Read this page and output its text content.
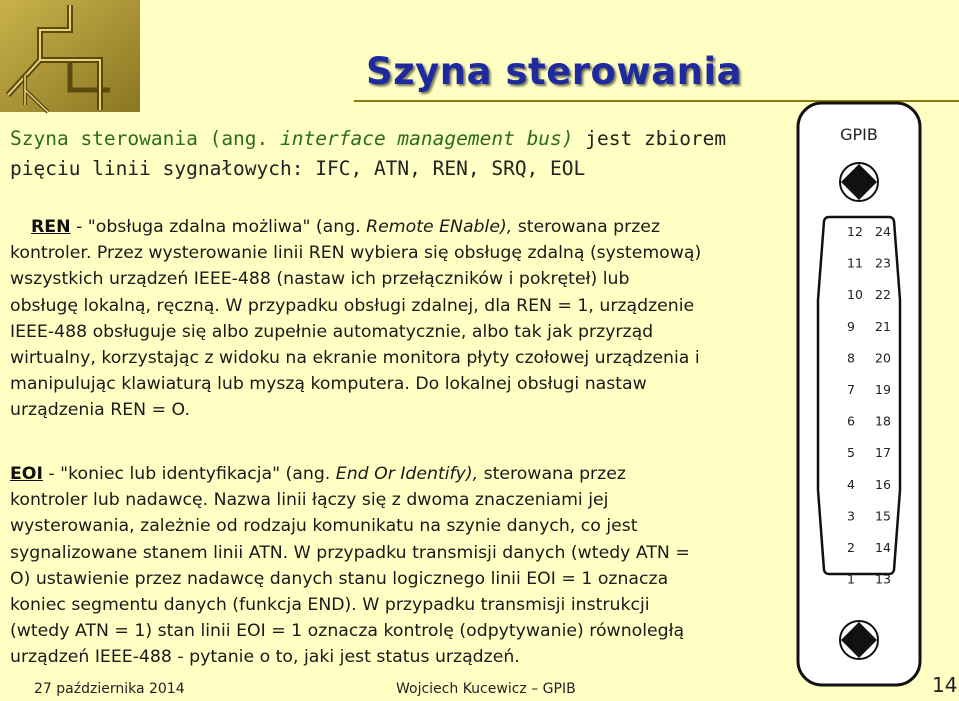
Szyna sterowania
Szyna sterowania (ang. interface management bus) jest zbiorem
pięciu linii sygnałowych: IFC, ATN, REN, SRQ, EOL
REN - "obsługa zdalna możliwa" (ang. Remote ENable), sterowana przez
kontroler. Przez wysterowanie linii REN wybiera się obsługę zdalną (systemową)
wszystkich urządzeń IEEE-488 (nastaw ich przełączników i pokręteł) lub
obsługę lokalną, ręczną. W przypadku obsługi zdalnej, dla REN = 1, urządzenie
IEEE-488 obsługuje się albo zupełnie automatycznie, albo tak jak przyrząd
wirtualny, korzystając z widoku na ekranie monitora płyty czołowej urządzenia i
manipulując klawiaturą lub myszą komputera. Do lokalnej obsługi nastaw
urządzenia REN = O.
EOI - "koniec lub identyfikacja" (ang. End Or Identify), sterowana przez
kontroler lub nadawcę. Nazwa linii łączy się z dwoma znaczeniami jej
wysterowania, zależnie od rodzaju komunikatu na szynie danych, co jest
sygnalizowane stanem linii ATN. W przypadku transmisji danych (wtedy ATN =
O) ustawienie przez nadawcę danych stanu logicznego linii EOI = 1 oznacza
koniec segmentu danych (funkcja END). W przypadku transmisji instrukcji
(wtedy ATN = 1) stan linii EOI = 1 oznacza kontrolę (odpytywanie) równoległą
urządzeń IEEE-488 - pytanie o to, jaki jest status urządzeń.
GPIB
12 24
11 23
10 22
9 21
8 20
7 19
6 18
5 17
4 16
3 15
2 14
1 13
27 października 2014	Wojciech Kucewicz – GPIB	14
